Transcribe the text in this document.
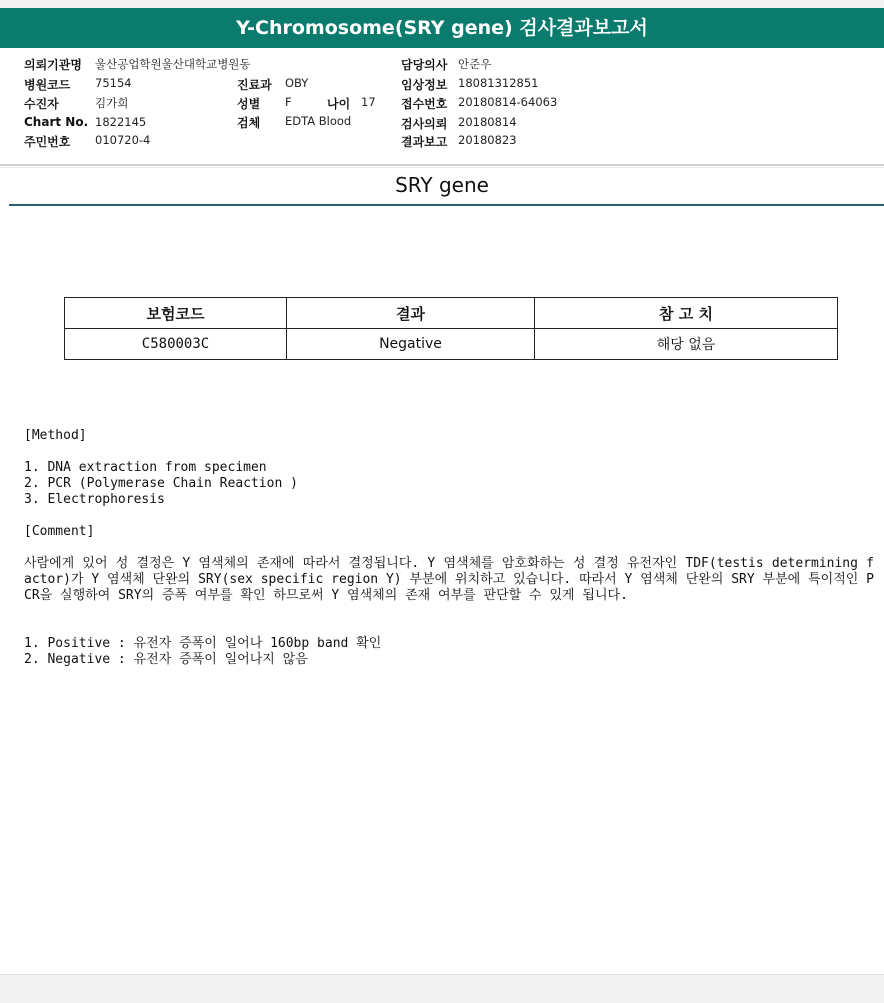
Y-Chromosome(SRY gene) 검사결과보고서
의뢰기관명 울산공업학원울산대학교병원동
병원코드 75154	진료과 OBY
수진자	김가희	성별 F	나이 17
Chart No. 1822145	검체 EDTA Blood
주민번호 010720-4
담당의사 안준우
임상정보 18081312851
접수번호 20180814-64063
검사의뢰 20180814
결과보고 20180823
SRY gene
보험코드	결과	참 고 치
C580003C	Negative	해당 없음
[Method]
1. DNA extraction from specimen
2. PCR (Polymerase Chain Reaction )
3. Electrophoresis
[Comment]
사람에게 있어 성 결정은 Y 염색체의 존재에 따라서 결정됩니다. Y 염색체를 암호화하는 성 결정 유전자인 TDF(testis determining factor)가 Y 염색체 단완의 SRY(sex specific region Y) 부분에 위치하고 있습니다. 따라서 Y 염색체 단완의 SRY 부분에 특이적인 PCR을 실행하여 SRY의 증폭 여부를 확인 하므로써 Y 염색체의 존재 여부를 판단할 수 있게 됩니다.
1. Positive : 유전자 증폭이 일어나 160bp band 확인
2. Negative : 유전자 증폭이 일어나지 않음
